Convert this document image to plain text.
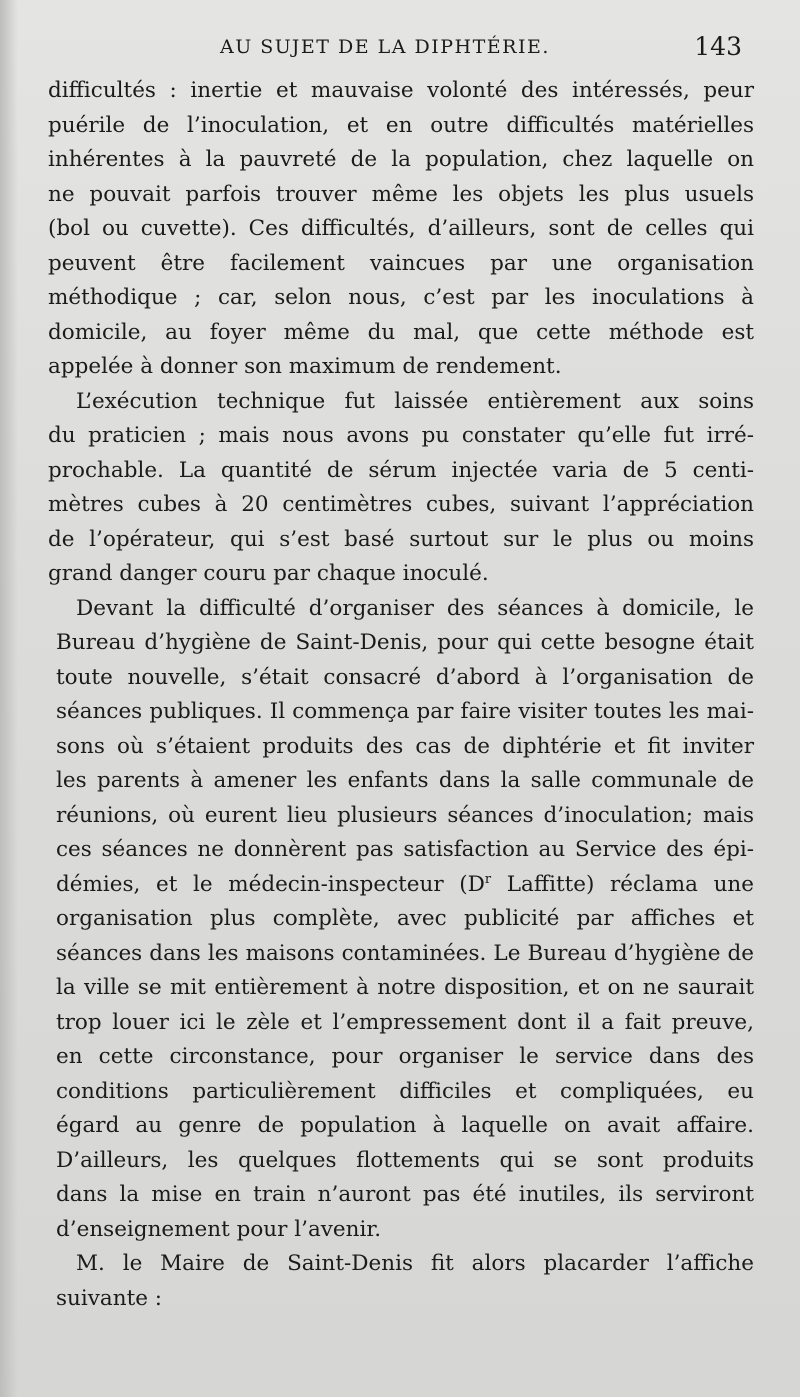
AU SUJET DE LA DIPHTÉRIE.	143
difficultés : inertie et mauvaise volonté des intéressés, peur
puérile de l’inoculation, et en outre difficultés matérielles
inhérentes à la pauvreté de la population, chez laquelle on
ne pouvait parfois trouver même les objets les plus usuels
(bol ou cuvette). Ces difficultés, d’ailleurs, sont de celles qui
peuvent être facilement vaincues par une organisation
méthodique ; car, selon nous, c’est par les inoculations à
domicile, au foyer même du mal, que cette méthode est
appelée à donner son maximum de rendement.
L’exécution technique fut laissée entièrement aux soins
du praticien ; mais nous avons pu constater qu’elle fut irré-
prochable. La quantité de sérum injectée varia de 5 centi-
mètres cubes à 20 centimètres cubes, suivant l’appréciation
de l’opérateur, qui s’est basé surtout sur le plus ou moins
grand danger couru par chaque inoculé.
Devant la difficulté d’organiser des séances à domicile, le
Bureau d’hygiène de Saint-Denis, pour qui cette besogne était
toute nouvelle, s’était consacré d’abord à l’organisation de
séances publiques. Il commença par faire visiter toutes les mai-
sons où s’étaient produits des cas de diphtérie et fit inviter
les parents à amener les enfants dans la salle communale de
réunions, où eurent lieu plusieurs séances d’inoculation; mais
ces séances ne donnèrent pas satisfaction au Service des épi-
démies, et le médecin-inspecteur ($D^r$ Laffitte) réclama une
organisation plus complète, avec publicité par affiches et
séances dans les maisons contaminées. Le Bureau d’hygiène de
la ville se mit entièrement à notre disposition, et on ne saurait
trop louer ici le zèle et l’empressement dont il a fait preuve,
en cette circonstance, pour organiser le service dans des
conditions particulièrement difficiles et compliquées, eu
égard au genre de population à laquelle on avait affaire.
D’ailleurs, les quelques flottements qui se sont produits
dans la mise en train n’auront pas été inutiles, ils serviront
d’enseignement pour l’avenir.
M. le Maire de Saint-Denis fit alors placarder l’affiche
suivante :
